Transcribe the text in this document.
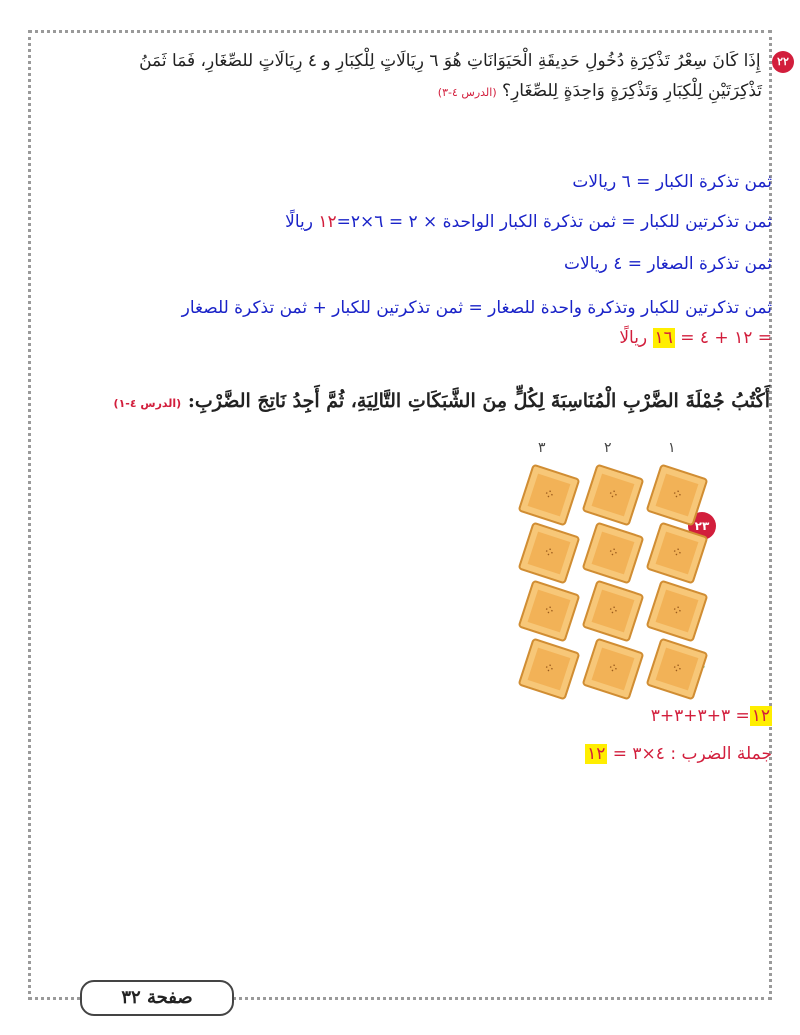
٢٢ إِذَا كَانَ سِعْرُ تَذْكِرَةِ دُخُولِ حَدِيقَةِ الْحَيَوَانَاتِ هُوَ ٦ رِيَالَاتٍ لِلْكِبَارِ و ٤ رِيَالَاتٍ للصِّغَارِ، فَمَا ثَمَنُ
تَذْكِرَتَيْنِ لِلْكِبَارِ وَتَذْكِرَةٍ وَاحِدَةٍ لِلصِّغَارِ؟ (الدرس ٤-٣)
ثمن تذكرة الكبار = ٦ ريالات
ثمن تذكرتين للكبار = ثمن تذكرة الكبار الواحدة × ٢ = ٦×٢=١٢ ريالًا
ثمن تذكرة الصغار = ٤ ريالات
ثمن تذكرتين للكبار وتذكرة واحدة للصغار = ثمن تذكرتين للكبار + ثمن تذكرة للصغار
= ١٢ + ٤ = ١٦ ريالًا
أَكْتُبُ جُمْلَةَ الضَّرْبِ الْمُنَاسِبَةَ لِكُلٍّ مِنَ الشَّبَكَاتِ التَّالِيَةِ، ثُمَّ أَجِدُ نَاتِجَ الضَّرْبِ: (الدرس ٤-١)
٢٣
٣	٢	١
⁘
⁘
⁘
⁘
⁘
⁘
⁘
⁘
⁘
⁘
⁘
⁘
١٢= ٣+٣+٣+٣
جملة الضرب : ٤×٣ = ١٢
صفحة ٣٢
